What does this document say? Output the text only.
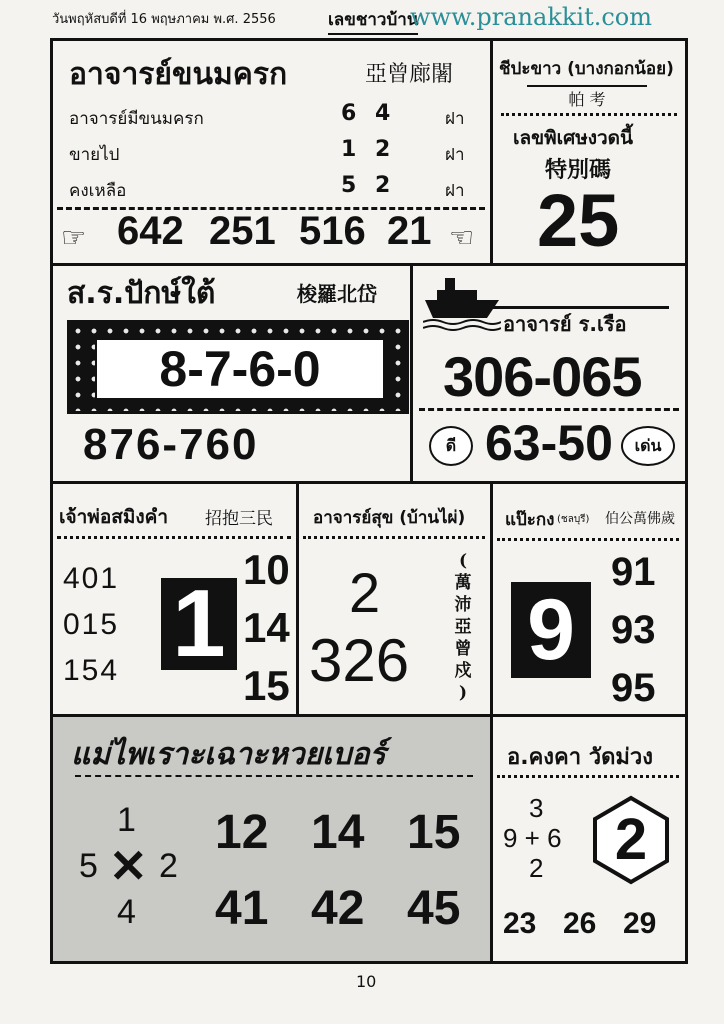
วันพฤหัสบดีที่ 16 พฤษภาคม พ.ศ. 2556	เลขชาวบ้าน
www.pranakkit.com
อาจารย์ขนมครก	亞曾廊闍
อาจารย์มีขนมครก	6 4	ฝา
ขายไป	1 2	ฝา
คงเหลือ	5 2	ฝา
☞ 642 251 516 21 ☜
ชีปะขาว (บางกอกน้อย)
帕 考
เลขพิเศษงวดนี้
特別碼
25
ส.ร.ปักษ์ใต้	梭羅北岱
8-7-6-0
876-760
อาจารย์ ร.เรือ
306-065
ดี 63-50	เด่น
เจ้าพ่อสมิงคำ 招抱三民
401
015
154 1
10
14
15
อาจารย์สุข (บ้านไผ่)
2
326
(
萬
沛
亞
曾
戍
)
แป๊ะกง (ชลบุรี) 伯公萬佛歲
9
91
93
95
แม่ไพเราะเฉาะหวยเบอร์
1
5 ✕ 2
4
12 14 15
41 42 45
อ.คงคา วัดม่วง
3
9 + 6
2	2
23 26 29
10
